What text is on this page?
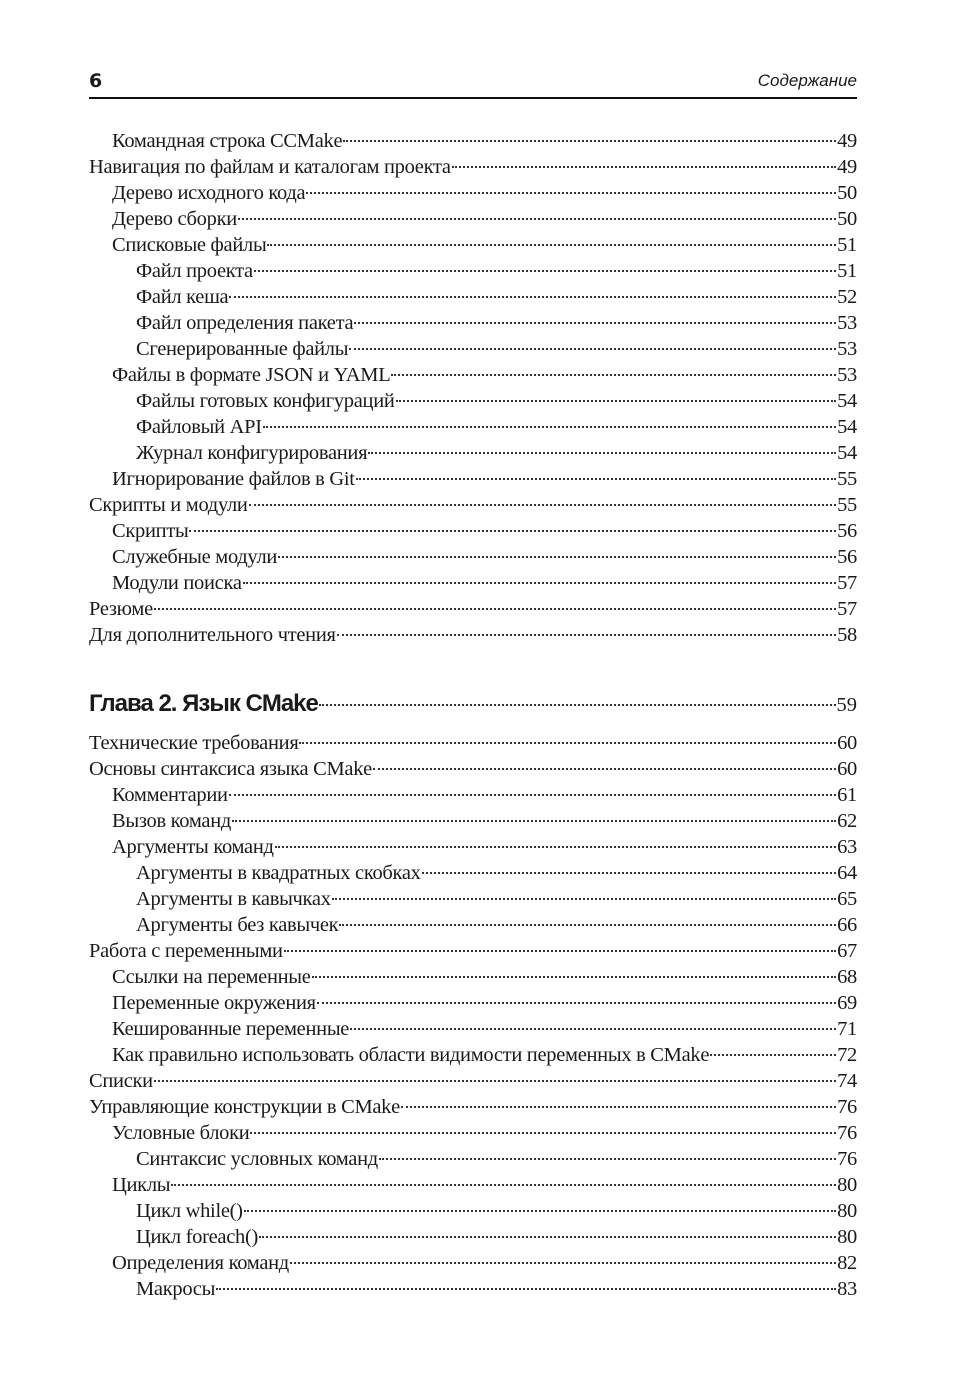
6	Содержание
Командная строка CCMake	49
Навигация по файлам и каталогам проекта	49
Дерево исходного кода	50
Дерево сборки	50
Списковые файлы	51
Файл проекта	51
Файл кеша	52
Файл определения пакета	53
Сгенерированные файлы	53
Файлы в формате JSON и YAML	53
Файлы готовых конфигураций	54
Файловый API	54
Журнал конфигурирования	54
Игнорирование файлов в Git	55
Скрипты и модули	55
Скрипты	56
Служебные модули	56
Модули поиска	57
Резюме	57
Для дополнительного чтения	58
Глава 2. Язык CMake	59
Технические требования	60
Основы синтаксиса языка CMake	60
Комментарии	61
Вызов команд	62
Аргументы команд	63
Аргументы в квадратных скобках	64
Аргументы в кавычках	65
Аргументы без кавычек	66
Работа с переменными	67
Ссылки на переменные	68
Переменные окружения	69
Кешированные переменные	71
Как правильно использовать области видимости переменных в CMake	72
Списки	74
Управляющие конструкции в CMake	76
Условные блоки	76
Синтаксис условных команд	76
Циклы	80
Цикл while()	80
Цикл foreach()	80
Определения команд	82
Макросы	83
